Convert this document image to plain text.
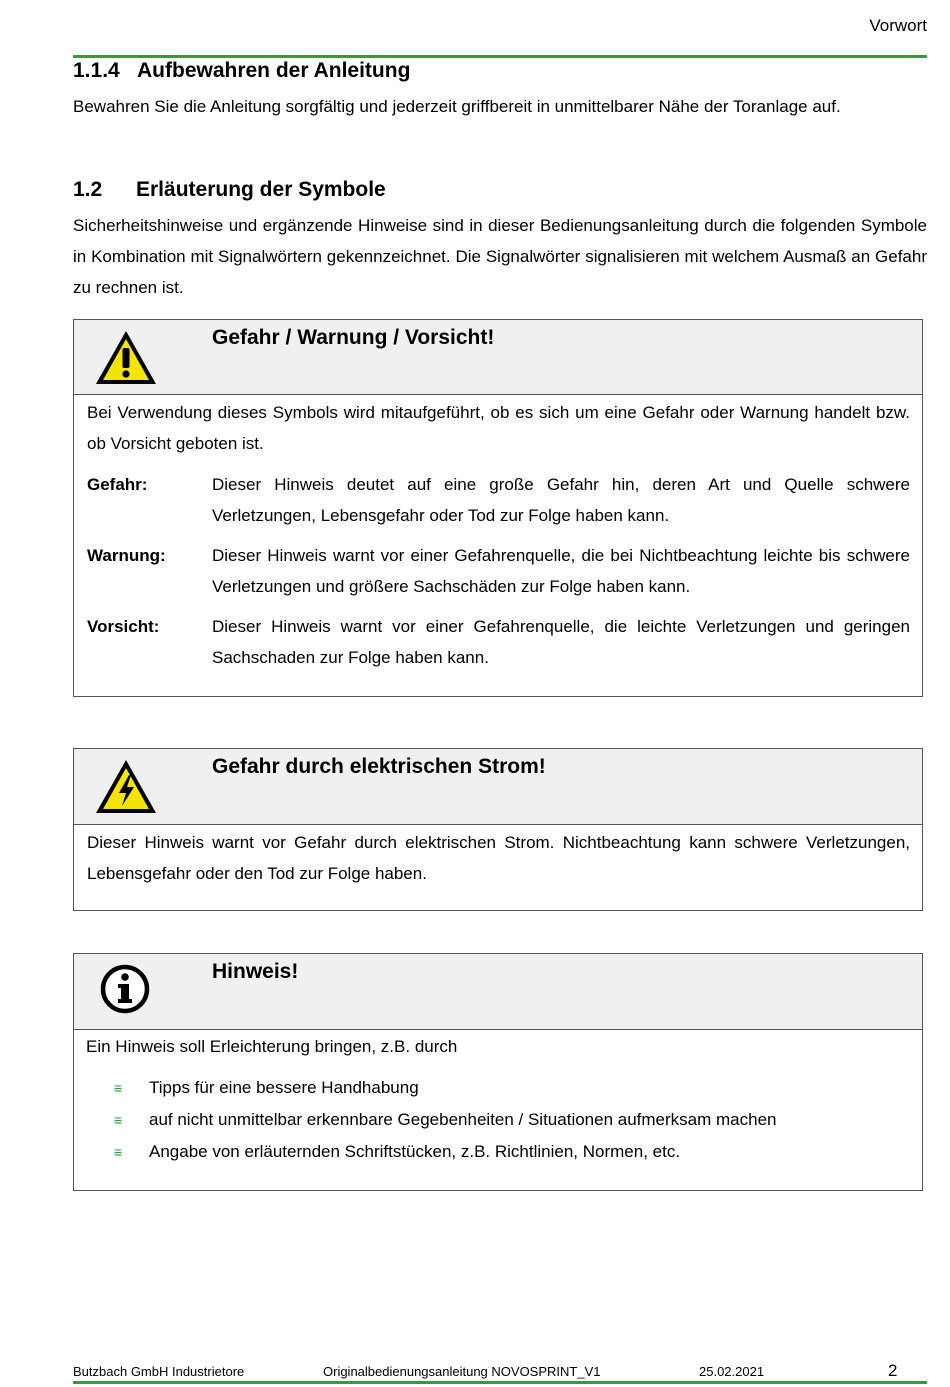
Vorwort
1.1.4 Aufbewahren der Anleitung
Bewahren Sie die Anleitung sorgfältig und jederzeit griffbereit in unmittelbarer Nähe der Toranlage auf.
1.2 Erläuterung der Symbole
Sicherheitshinweise und ergänzende Hinweise sind in dieser Bedienungsanleitung durch die folgenden Symbole in Kombination mit Signalwörtern gekennzeichnet. Die Signalwörter signalisieren mit welchem Ausmaß an Gefahr zu rechnen ist.
Gefahr / Warnung / Vorsicht!
Bei Verwendung dieses Symbols wird mitaufgeführt, ob es sich um eine Gefahr oder Warnung handelt bzw. ob Vorsicht geboten ist.
Gefahr:	Dieser Hinweis deutet auf eine große Gefahr hin, deren Art und Quelle schwere Verletzungen, Lebensgefahr oder Tod zur Folge haben kann.
Warnung:	Dieser Hinweis warnt vor einer Gefahrenquelle, die bei Nichtbeachtung leichte bis schwere Verletzungen und größere Sachschäden zur Folge haben kann.
Vorsicht:	Dieser Hinweis warnt vor einer Gefahrenquelle, die leichte Verletzungen und geringen Sachschaden zur Folge haben kann.
Gefahr durch elektrischen Strom!
Dieser Hinweis warnt vor Gefahr durch elektrischen Strom. Nichtbeachtung kann schwere Verletzungen, Lebensgefahr oder den Tod zur Folge haben.
Hinweis!
Ein Hinweis soll Erleichterung bringen, z.B. durch
≡ Tipps für eine bessere Handhabung
≡ auf nicht unmittelbar erkennbare Gegebenheiten / Situationen aufmerksam machen
≡ Angabe von erläuternden Schriftstücken, z.B. Richtlinien, Normen, etc.
Butzbach GmbH Industrietore	Originalbedienungsanleitung NOVOSPRINT_V1	25.02.2021	2
